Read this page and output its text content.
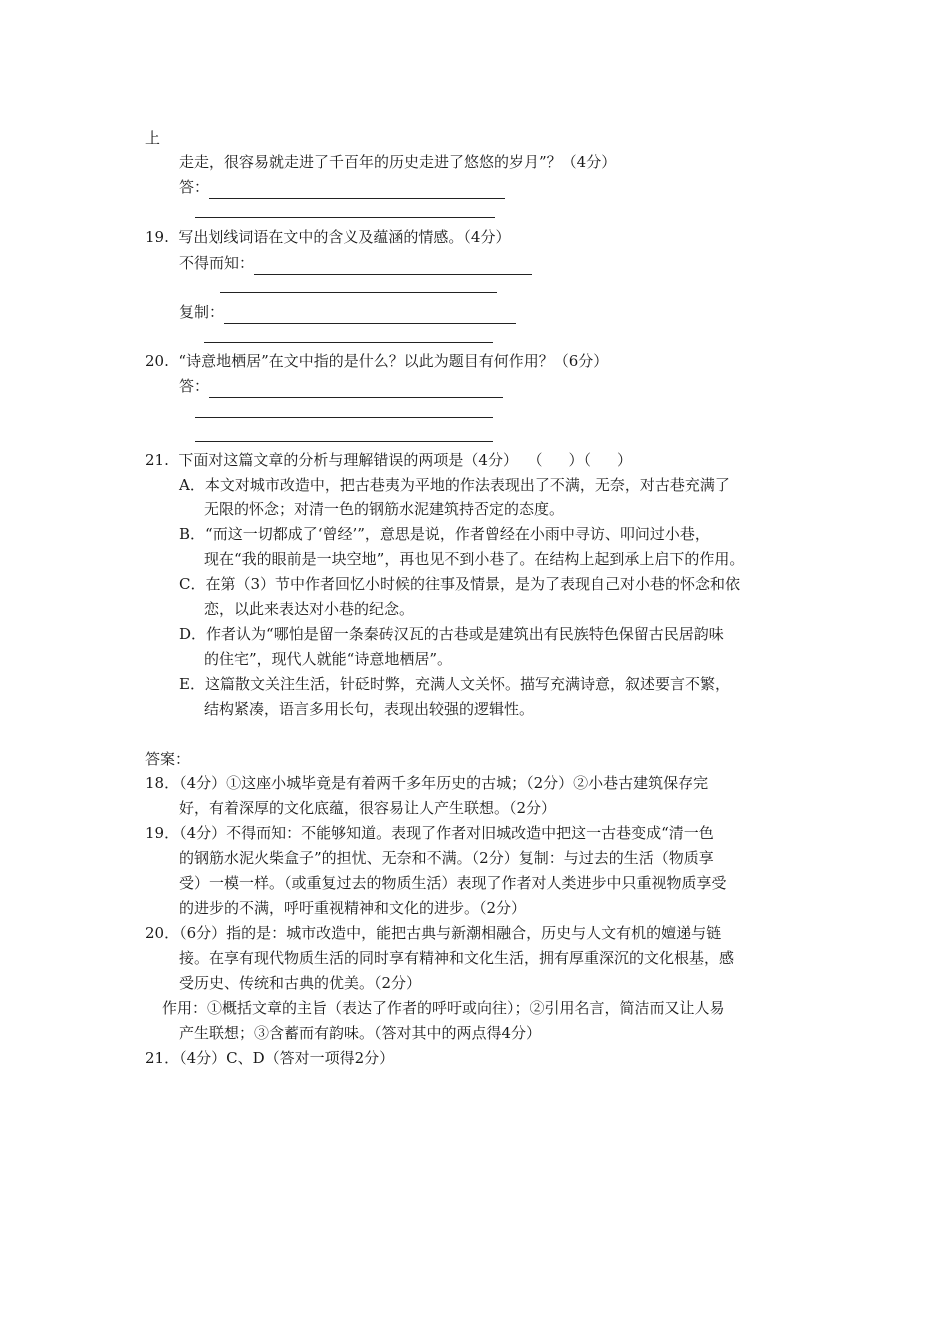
上
走走，很容易就走进了千百年的历史走进了悠悠的岁月”？（4分）
答：
19. 写出划线词语在文中的含义及蕴涵的情感。（4分）
不得而知：
复制：
20. “诗意地栖居”在文中指的是什么？以此为题目有何作用？（6分）
答：
21. 下面对这篇文章的分析与理解错误的两项是（4分） （ ）（ ）
A．本文对城市改造中，把古巷夷为平地的作法表现出了不满，无奈，对古巷充满了
无限的怀念；对清一色的钢筋水泥建筑持否定的态度。
B．“而这一切都成了‘曾经’”，意思是说，作者曾经在小雨中寻访、叩问过小巷，
现在“我的眼前是一块空地”，再也见不到小巷了。在结构上起到承上启下的作用。
C．在第（3）节中作者回忆小时候的往事及情景，是为了表现自己对小巷的怀念和依
恋，以此来表达对小巷的纪念。
D．作者认为“哪怕是留一条秦砖汉瓦的古巷或是建筑出有民族特色保留古民居韵味
的住宅”，现代人就能“诗意地栖居”。
E．这篇散文关注生活，针砭时弊，充满人文关怀。描写充满诗意，叙述要言不繁，
结构紧凑，语言多用长句，表现出较强的逻辑性。
答案：
18．（4分）①这座小城毕竟是有着两千多年历史的古城；（2分）②小巷古建筑保存完
好，有着深厚的文化底蕴，很容易让人产生联想。（2分）
19．（4分）不得而知：不能够知道。表现了作者对旧城改造中把这一古巷变成“清一色
的钢筋水泥火柴盒子”的担忧、无奈和不满。（2分）复制：与过去的生活（物质享
受）一模一样。（或重复过去的物质生活）表现了作者对人类进步中只重视物质享受
的进步的不满，呼吁重视精神和文化的进步。（2分）
20．（6分）指的是：城市改造中，能把古典与新潮相融合，历史与人文有机的嬗递与链
接。在享有现代物质生活的同时享有精神和文化生活，拥有厚重深沉的文化根基，感
受历史、传统和古典的优美。（2分）
作用：①概括文章的主旨（表达了作者的呼吁或向往）；②引用名言，简洁而又让人易
产生联想；③含蓄而有韵味。（答对其中的两点得4分）
21．（4分）C、D（答对一项得2分）
